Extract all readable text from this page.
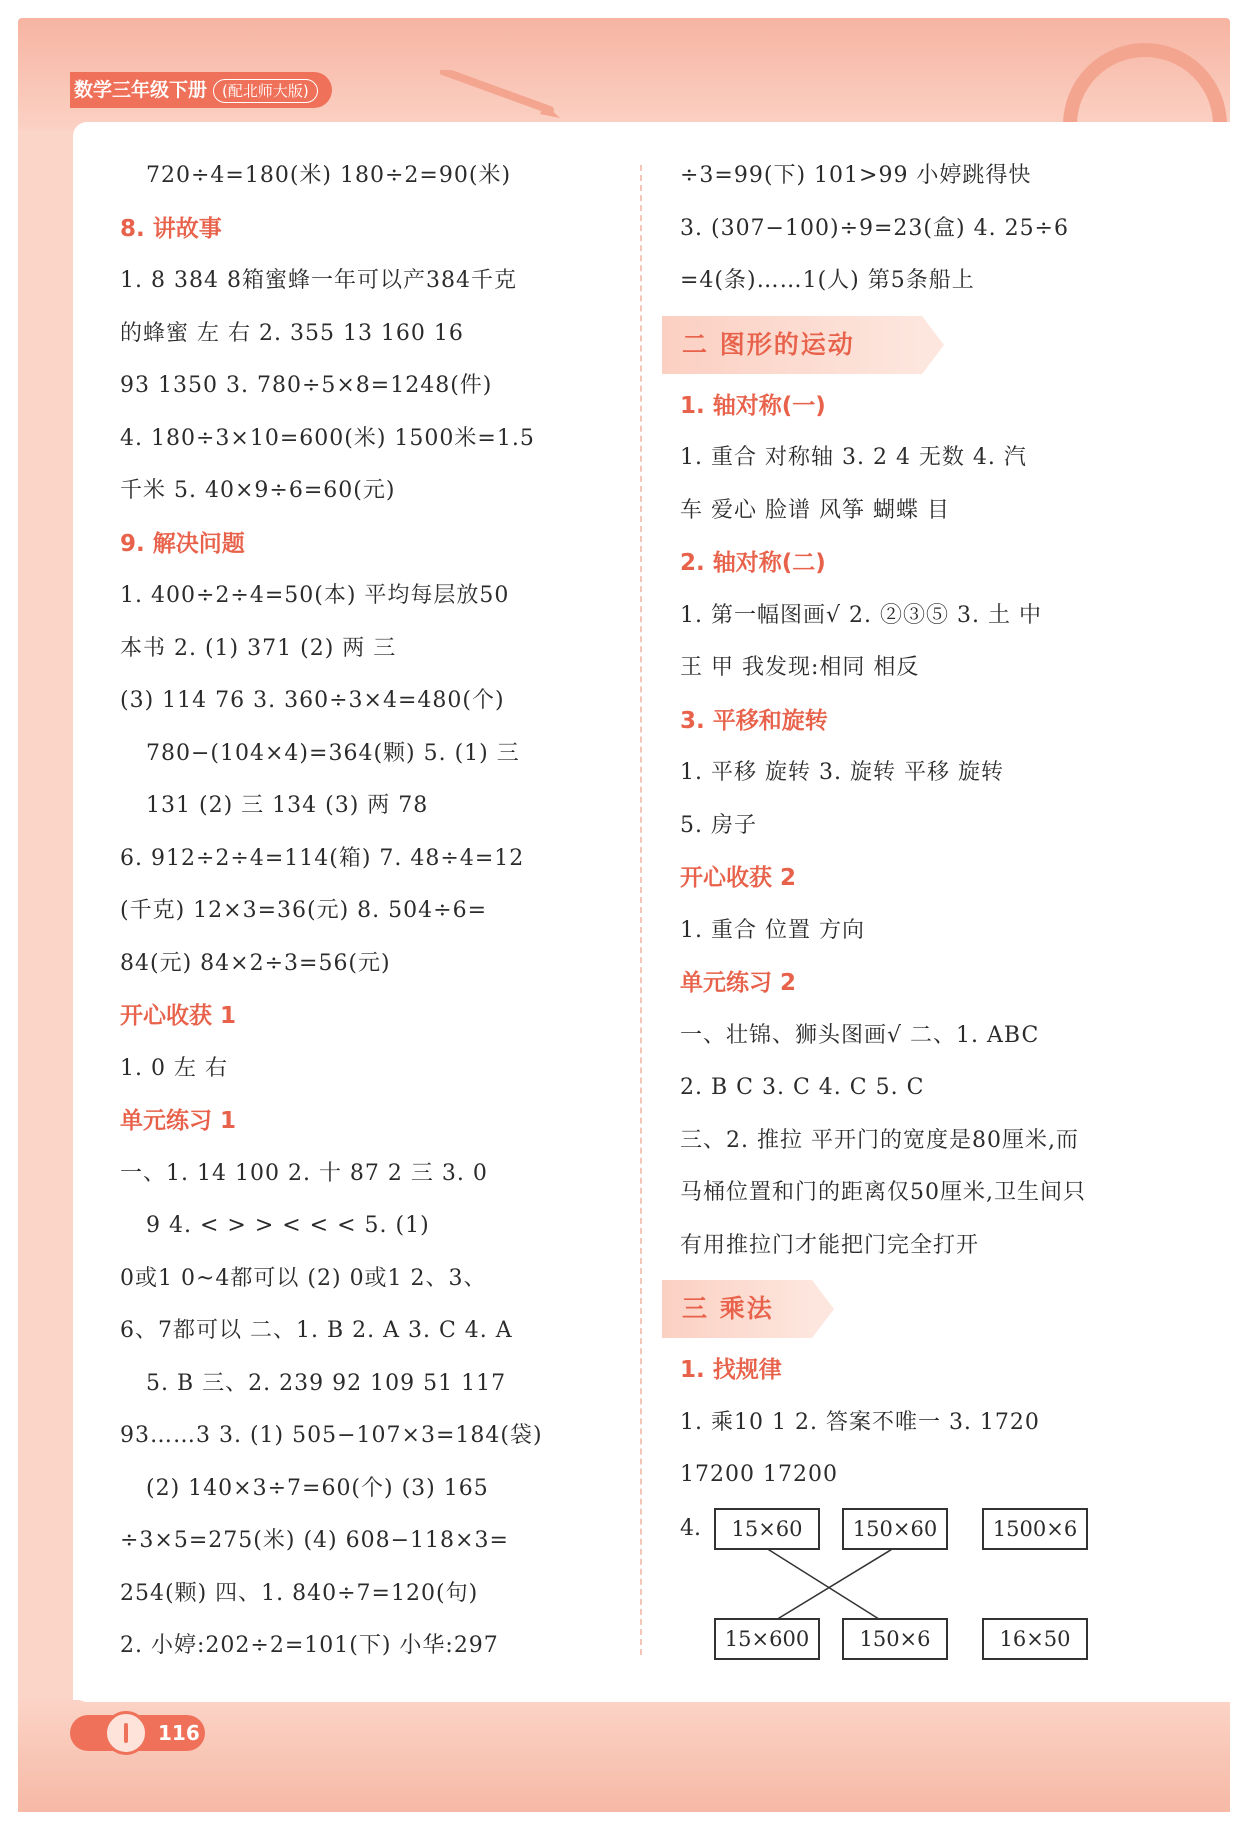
数学三年级下册 (配北师大版)
720÷4=180(米) 180÷2=90(米)
8. 讲故事
1. 8 384 8箱蜜蜂一年可以产384千克
的蜂蜜 左 右 2. 355 13 160 16
93 1350 3. 780÷5×8=1248(件)
4. 180÷3×10=600(米) 1500米=1.5
千米 5. 40×9÷6=60(元)
9. 解决问题
1. 400÷2÷4=50(本) 平均每层放50
本书 2. (1) 371 (2) 两 三
(3) 114 76 3. 360÷3×4=480(个)
780−(104×4)=364(颗) 5. (1) 三
131 (2) 三 134 (3) 两 78
6. 912÷2÷4=114(箱) 7. 48÷4=12
(千克) 12×3=36(元) 8. 504÷6=
84(元) 84×2÷3=56(元)
开心收获 1
1. 0 左 右
单元练习 1
一、1. 14 100 2. 十 87 2 三 3. 0
9 4. < > > < < < 5. (1)
0或1 0~4都可以 (2) 0或1 2、3、
6、7都可以 二、1. B 2. A 3. C 4. A
5. B 三、2. 239 92 109 51 117
93……3 3. (1) 505−107×3=184(袋)
(2) 140×3÷7=60(个) (3) 165
÷3×5=275(米) (4) 608−118×3=
254(颗) 四、1. 840÷7=120(句)
2. 小婷:202÷2=101(下) 小华:297
÷3=99(下) 101>99 小婷跳得快
3. (307−100)÷9=23(盒) 4. 25÷6
=4(条)……1(人) 第5条船上
二 图形的运动
1. 轴对称(一)
1. 重合 对称轴 3. 2 4 无数 4. 汽
车 爱心 脸谱 风筝 蝴蝶 目
2. 轴对称(二)
1. 第一幅图画√ 2. ②③⑤ 3. 土 中
王 甲 我发现:相同 相反
3. 平移和旋转
1. 平移 旋转 3. 旋转 平移 旋转
5. 房子
开心收获 2
1. 重合 位置 方向
单元练习 2
一、壮锦、狮头图画√ 二、1. ABC
2. B C 3. C 4. C 5. C
三、2. 推拉 平开门的宽度是80厘米,而
马桶位置和门的距离仅50厘米,卫生间只
有用推拉门才能把门完全打开
三 乘法
1. 找规律
1. 乘10 1 2. 答案不唯一 3. 1720
17200 17200
4.	15×60	150×60	1500×6
15×600	150×6	16×50
116
